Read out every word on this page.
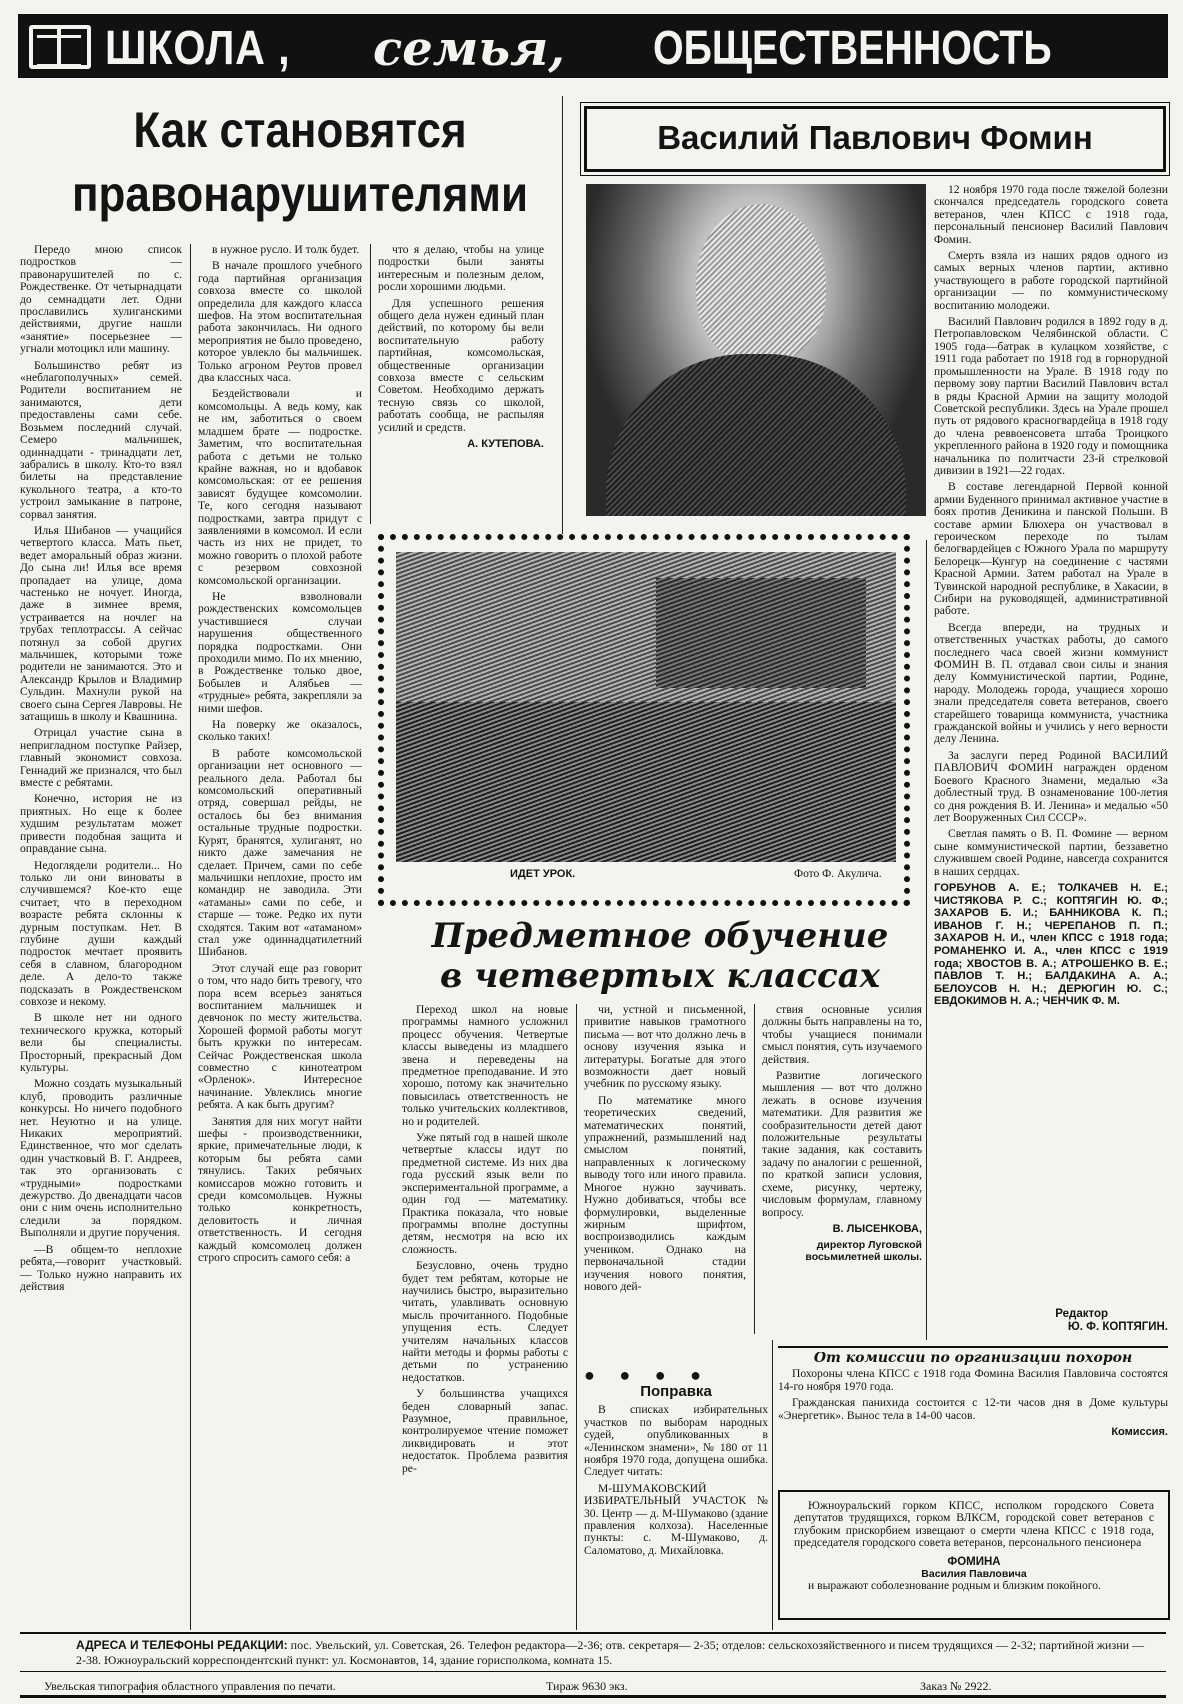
ШКОЛА , семья, ОБЩЕСТВЕННОСТЬ
Как становятся правонарушителями

Передо мною список подростков — правонарушителей по с. Рождественке. От четырнадцати до семнадцати лет. Одни прославились хулиганскими действиями, другие нашли «занятие» посерьезнее — угнали мотоцикл или машину.

Большинство ребят из «неблагополучных» семей. Родители воспитанием не занимаются, дети предоставлены сами себе. Возьмем последний случай. Семеро мальчишек, одиннадцати - тринадцати лет, забрались в школу. Кто-то взял билеты на представление кукольного театра, а кто-то устроил замыкание в патроне, сорвал занятия.

Илья Шибанов — учащийся четвертого класса. Мать пьет, ведет аморальный образ жизни. До сына ли! Илья все время пропадает на улице, дома частенько не ночует. Иногда, даже в зимнее время, устраивается на ночлег на трубах теплотрассы. А сейчас потянул за собой других мальчишек, которыми тоже родители не занимаются. Это и Александр Крылов и Владимир Сульдин. Махнули рукой на своего сына Сергея Лавровы. Не затащишь в школу и Квашнина.

Отрицал участие сына в непригладном поступке Райзер, главный экономист совхоза. Геннадий же признался, что был вместе с ребятами.

Конечно, история не из приятных. Но еще к более худшим результатам может привести подобная защита и оправдание сына.

Недоглядели родители... Но только ли они виноваты в случившемся? Кое-кто еще считает, что в переходном возрасте ребята склонны к дурным поступкам. Нет. В глубине души каждый подросток мечтает проявить себя в славном, благородном деле. А дело-то также подсказать в Рождественском совхозе и некому.

В школе нет ни одного технического кружка, который вели бы специалисты. Просторный, прекрасный Дом культуры.

Можно создать музыкальный клуб, проводить различные конкурсы. Но ничего подобного нет. Неуютно и на улице. Никаких мероприятий. Единственное, что мог сделать один участковый В. Г. Андреев, так это организовать с «трудными» подростками дежурство. До двенадцати часов они с ним очень исполнительно следили за порядком. Выполняли и другие поручения.

—В общем-то неплохие ребята,—говорит участковый. — Только нужно направить их действия

в нужное русло. И толк будет.

В начале прошлого учебного года партийная организация совхоза вместе со школой определила для каждого класса шефов. На этом воспитательная работа закончилась. Ни одного мероприятия не было проведено, которое увлекло бы мальчишек. Только агроном Реутов провел два классных часа.

Бездействовали и комсомольцы. А ведь кому, как не им, заботиться о своем младшем брате — подростке. Заметим, что воспитательная работа с детьми не только крайне важная, но и вдобавок комсомольская: от ее решения зависят будущее комсомолии. Те, кого сегодня называют подростками, завтра придут с заявлениями в комсомол. И если часть из них не придет, то можно говорить о плохой работе с резервом совхозной комсомольской организации.

Не взволновали рождественских комсомольцев участившиеся случаи нарушения общественного порядка подростками. Они проходили мимо. По их мнению, в Рождественке только двое, Бобылев и Алябьев — «трудные» ребята, закрепляли за ними шефов.

На поверку же оказалось, сколько таких!

В работе комсомольской организации нет основного — реального дела. Работал бы комсомольский оперативный отряд, совершал рейды, не осталось бы без внимания остальные трудные подростки. Курят, бранятся, хулиганят, но никто даже замечания не сделает. Причем, сами по себе мальчишки неплохие, просто им командир не заводила. Эти «атаманы» сами по себе, и старше — тоже. Редко их пути сходятся. Таким вот «атаманом» стал уже одиннадцатилетний Шибанов.

Этот случай еще раз говорит о том, что надо бить тревогу, что пора всем всерьез заняться воспитанием мальчишек и девчонок по месту жительства. Хорошей формой работы могут быть кружки по интересам. Сейчас Рождественская школа совместно с кинотеатром «Орленок». Интересное начинание. Увлеклись многие ребята. А как быть другим?

Занятия для них могут найти шефы - производственники, яркие, примечательные люди, к которым бы ребята сами тянулись. Таких ребячьих комиссаров можно готовить и среди комсомольцев. Нужны только конкретность, деловитость и личная ответственность. И сегодня каждый комсомолец должен строго спросить самого себя: а

что я делаю, чтобы на улице подростки были заняты интересным и полезным делом, росли хорошими людьми.

Для успешного решения общего дела нужен единый план действий, по которому бы вели воспитательную работу партийная, комсомольская, общественные организации совхоза вместе с сельским Советом. Необходимо держать тесную связь со школой, работать сообща, не распыляя усилий и средств.

А. КУТЕПОВА.
Василий Павлович Фомин

12 ноября 1970 года после тяжелой болезни скончался председатель городского совета ветеранов, член КПСС с 1918 года, персональный пенсионер Василий Павлович Фомин.

Смерть взяла из наших рядов одного из самых верных членов партии, активно участвующего в работе городской партийной организации — по коммунистическому воспитанию молодежи.

Василий Павлович родился в 1892 году в д. Петропавловском Челябинской области. С 1905 года—батрак в кулацком хозяйстве, с 1911 года работает по 1918 год в горнорудной промышленности на Урале. В 1918 году по первому зову партии Василий Павлович встал в ряды Красной Армии на защиту молодой Советской республики. Здесь на Урале прошел путь от рядового красногвардейца в 1918 году до члена реввоенсовета штаба Троицкого укрепленного района в 1920 году и помощника начальника по политчасти 23-й стрелковой дивизии в 1921—22 годах.

В составе легендарной Первой конной армии Буденного принимал активное участие в боях против Деникина и панской Польши. В составе армии Блюхера он участвовал в героическом переходе по тылам белогвардейцев с Южного Урала по маршруту Белорецк—Кунгур на соединение с частями Красной Армии. Затем работал на Урале в Тувинской народной республике, в Хакасии, в Сибири на руководящей, административной работе.

Всегда впереди, на трудных и ответственных участках работы, до самого последнего часа своей жизни коммунист ФОМИН В. П. отдавал свои силы и знания делу Коммунистической партии, Родине, народу. Молодежь города, учащиеся хорошо знали председателя совета ветеранов, своего старейшего товарища коммуниста, участника гражданской войны и учились у него верности делу Ленина.

За заслуги перед Родиной ВАСИЛИЙ ПАВЛОВИЧ ФОМИН награжден орденом Боевого Красного Знамени, медалью «За доблестный труд. В ознаменование 100-летия со дня рождения В. И. Ленина» и медалью «50 лет Вооруженных Сил СССР».

Светлая память о В. П. Фомине — верном сыне коммунистической партии, беззаветно служившем своей Родине, навсегда сохранится в наших сердцах.

ГОРБУНОВ А. Е.; ТОЛКАЧЕВ Н. Е.; ЧИСТЯКОВА Р. С.; КОПТЯГИН Ю. Ф.; ЗАХАРОВ Б. И.; БАННИКОВА К. П.; ИВАНОВ Г. Н.; ЧЕРЕПАНОВ П. П.; ЗАХАРОВ Н. И., член КПСС с 1918 года; РОМАНЕНКО И. А., член КПСС с 1919 года; ХВОСТОВ В. А.; АТРОШЕНКО В. Е.; ПАВЛОВ Т. Н.; БАЛДАКИНА А. А.; БЕЛОУСОВ Н. Н.; ДЕРЮГИН Ю. С.; ЕВДОКИМОВ Н. А.; ЧЕНЧИК Ф. М.
Редактор
Ю. Ф. КОПТЯГИН.
ИДЕТ УРОК.	Фото Ф. Акулича.
Предметное обучение в четвертых классах

Переход школ на новые программы намного усложнил процесс обучения. Четвертые классы выведены из младшего звена и переведены на предметное преподавание. И это хорошо, потому как значительно повысилась ответственность не только учительских коллективов, но и родителей.

Уже пятый год в нашей школе четвертые классы идут по предметной системе. Из них два года русский язык вели по экспериментальной программе, а один год — математику. Практика показала, что новые программы вполне доступны детям, несмотря на всю их сложность.

Безусловно, очень трудно будет тем ребятам, которые не научились быстро, выразительно читать, улавливать основную мысль прочитанного. Подобные упущения есть. Следует учителям начальных классов найти методы и формы работы с детьми по устранению недостатков.

У большинства учащихся беден словарный запас. Разумное, правильное, контролируемое чтение поможет ликвидировать и этот недостаток. Проблема развития ре-

чи, устной и письменной, привитие навыков грамотного письма — вот что должно лечь в основу изучения языка и литературы. Богатые для этого возможности дает новый учебник по русскому языку.

По математике много теоретических сведений, математических понятий, упражнений, размышлений над смыслом понятий, направленных к логическому выводу того или иного правила. Многое нужно заучивать. Нужно добиваться, чтобы все формулировки, выделенные жирным шрифтом, воспроизводились каждым учеником. Однако на первоначальной стадии изучения нового понятия, нового дей-

ствия основные усилия должны быть направлены на то, чтобы учащиеся понимали смысл понятия, суть изучаемого действия.

Развитие логического мышления — вот что должно лежать в основе изучения математики. Для развития же сообразительности детей дают положительные результаты такие задания, как составить задачу по аналогии с решенной, по краткой записи условия, схеме, рисунку, чертежу, числовым формулам, главному вопросу.

В. ЛЫСЕНКОВА,
директор Луговской восьмилетней школы.
● ● ● ●
Поправка

В списках избирательных участков по выборам народных судей, опубликованных в «Ленинском знамени», № 180 от 11 ноября 1970 года, допущена ошибка. Следует читать:

М-ШУМАКОВСКИЙ ИЗБИРАТЕЛЬНЫЙ УЧАСТОК № 30. Центр — д. М-Шумаково (здание правления колхоза). Населенные пункты: с. М-Шумаково, д. Саломатово, д. Михайловка.

От комиссии по организации похорон

Похороны члена КПСС с 1918 года Фомина Василия Павловича состоятся 14-го ноября 1970 года.

Гражданская панихида состоится с 12-ти часов дня в Доме культуры «Энергетик». Вынос тела в 14-00 часов.

Комиссия.

Южноуральский горком КПСС, исполком городского Совета депутатов трудящихся, горком ВЛКСМ, городской совет ветеранов с глубоким прискорбием извещают о смерти члена КПСС с 1918 года, председателя городского совета ветеранов, персонального пенсионера

ФОМИНА
Василия Павловича

и выражают соболезнование родным и близким покойного.

АДРЕСА И ТЕЛЕФОНЫ РЕДАКЦИИ: пос. Увельский, ул. Советская, 26. Телефон редактора—2-36; отв. секретаря— 2-35; отделов: сельскохозяйственного и писем трудящихся — 2-32; партийной жизни — 2-38. Южноуральский корреспондентский пункт: ул. Космонавтов, 14, здание горисполкома, комната 15.
Увельская типография областного управления по печати.	Тираж 9630 экз.	Заказ № 2922.
